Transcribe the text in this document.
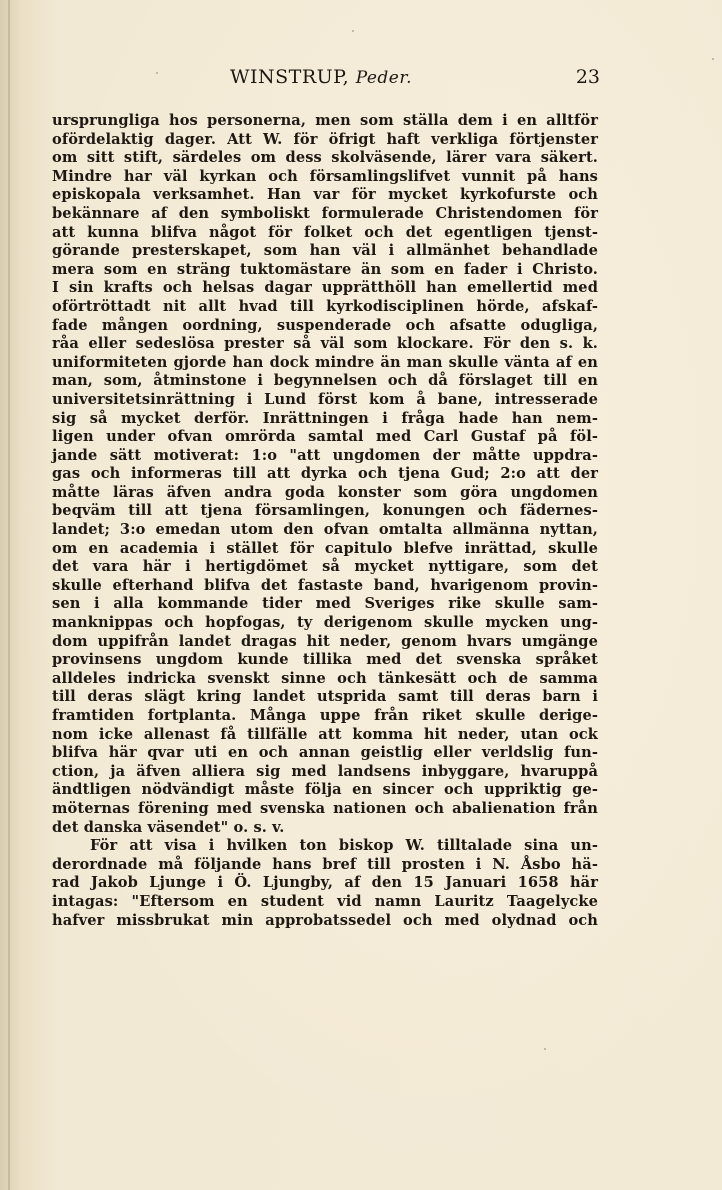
WINSTRUP, Peder.	23
ursprungliga hos personerna, men som ställa dem i en alltför
ofördelaktig dager. Att W. för öfrigt haft verkliga förtjenster
om sitt stift, särdeles om dess skolväsende, lärer vara säkert.
Mindre har väl kyrkan och församlingslifvet vunnit på hans
episkopala verksamhet. Han var för mycket kyrkofurste och
bekännare af den symboliskt formulerade Christendomen för
att kunna blifva något för folket och det egentligen tjenst-
görande presterskapet, som han väl i allmänhet behandlade
mera som en sträng tuktomästare än som en fader i Christo.
I sin krafts och helsas dagar upprätthöll han emellertid med
oförtröttadt nit allt hvad till kyrkodisciplinen hörde, afskaf-
fade mången oordning, suspenderade och afsatte odugliga,
råa eller sedeslösa prester så väl som klockare. För den s. k.
uniformiteten gjorde han dock mindre än man skulle vänta af en
man, som, åtminstone i begynnelsen och då förslaget till en
universitetsinrättning i Lund först kom å bane, intresserade
sig så mycket derför. Inrättningen i fråga hade han nem-
ligen under ofvan omrörda samtal med Carl Gustaf på föl-
jande sätt motiverat: 1:o "att ungdomen der måtte uppdra-
gas och informeras till att dyrka och tjena Gud; 2:o att der
måtte läras äfven andra goda konster som göra ungdomen
beqväm till att tjena församlingen, konungen och fädernes-
landet; 3:o emedan utom den ofvan omtalta allmänna nyttan,
om en academia i stället för capitulo blefve inrättad, skulle
det vara här i hertigdömet så mycket nyttigare, som det
skulle efterhand blifva det fastaste band, hvarigenom provin-
sen i alla kommande tider med Sveriges rike skulle sam-
manknippas och hopfogas, ty derigenom skulle mycken ung-
dom uppifrån landet dragas hit neder, genom hvars umgänge
provinsens ungdom kunde tillika med det svenska språket
alldeles indricka svenskt sinne och tänkesätt och de samma
till deras slägt kring landet utsprida samt till deras barn i
framtiden fortplanta. Många uppe från riket skulle derige-
nom icke allenast få tillfälle att komma hit neder, utan ock
blifva här qvar uti en och annan geistlig eller verldslig fun-
ction, ja äfven alliera sig med landsens inbyggare, hvaruppå
ändtligen nödvändigt måste följa en sincer och uppriktig ge-
möternas förening med svenska nationen och abalienation från
det danska väsendet" o. s. v.
För att visa i hvilken ton biskop W. tilltalade sina un-
derordnade må följande hans bref till prosten i N. Åsbo hä-
rad Jakob Ljunge i Ö. Ljungby, af den 15 Januari 1658 här
intagas: "Eftersom en student vid namn Lauritz Taagelycke
hafver missbrukat min approbatssedel och med olydnad och
